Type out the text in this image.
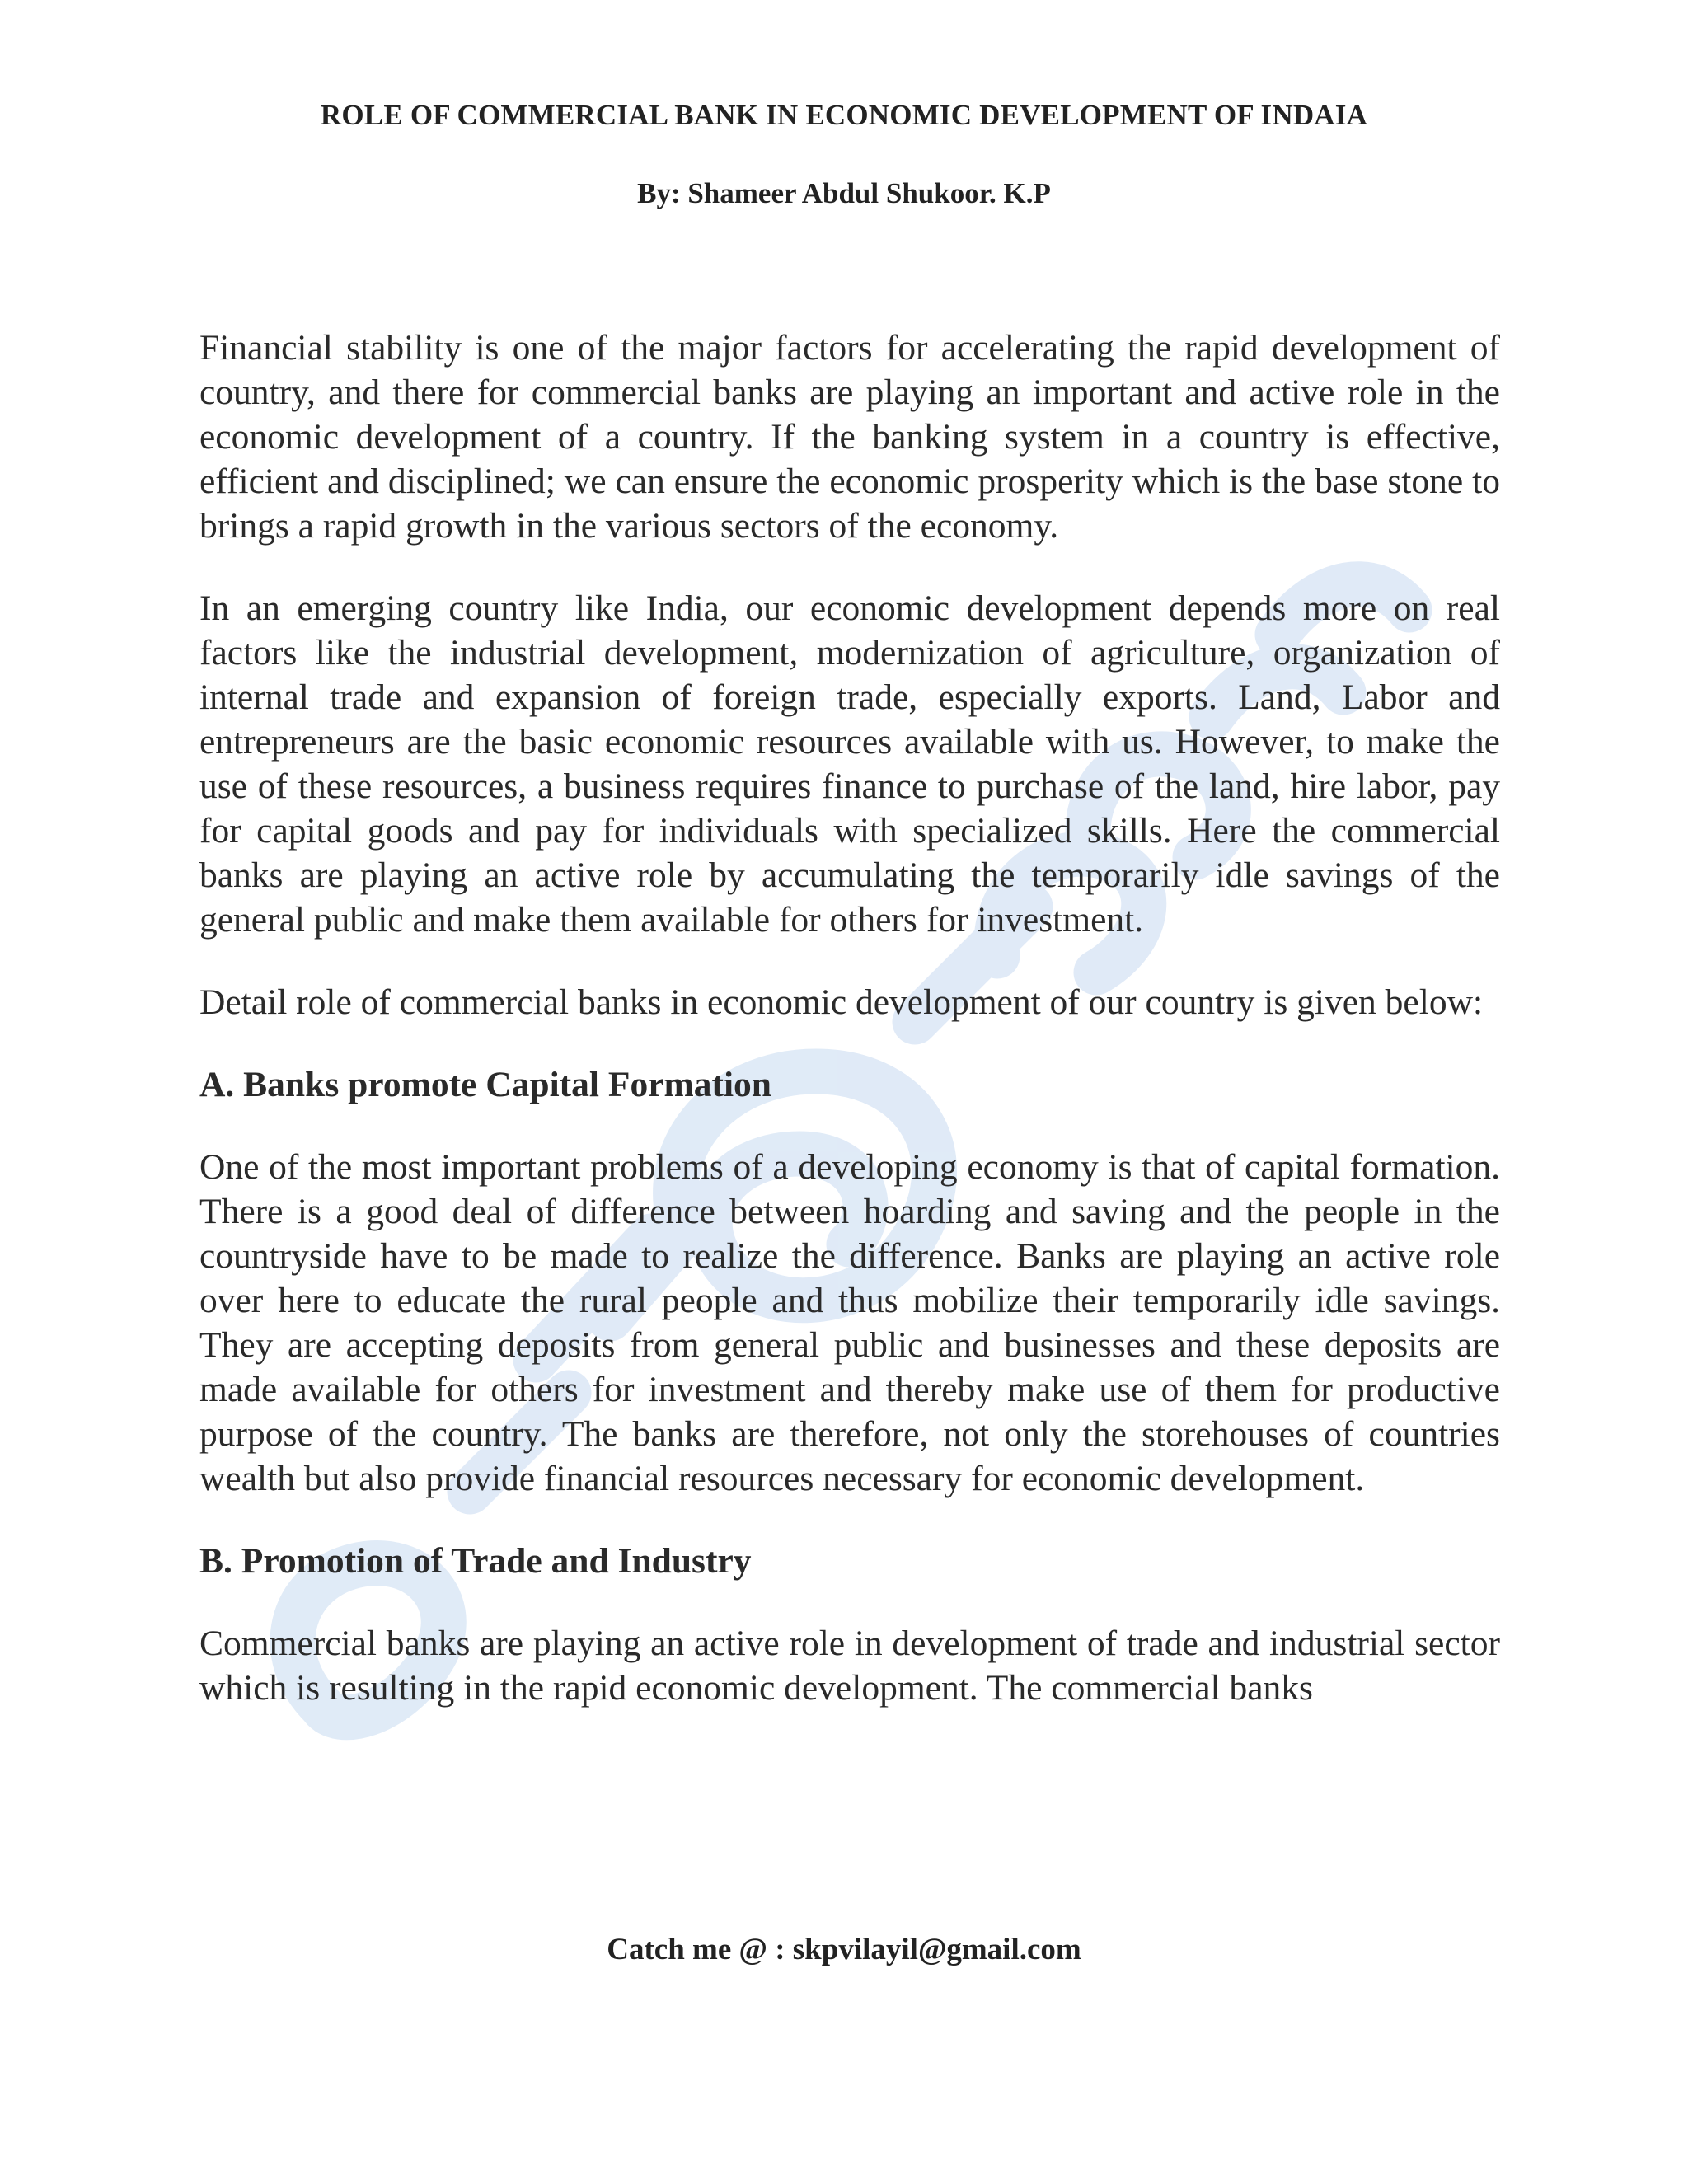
ROLE OF COMMERCIAL BANK IN ECONOMIC DEVELOPMENT OF INDAIA
By: Shameer Abdul Shukoor. K.P

Financial stability is one of the major factors for accelerating the rapid development of country, and there for commercial banks are playing an important and active role in the economic development of a country. If the banking system in a country is effective, efficient and disciplined; we can ensure the economic prosperity which is the base stone to brings a rapid growth in the various sectors of the economy.

In an emerging country like India, our economic development depends more on real factors like the industrial development, modernization of agriculture, organization of internal trade and expansion of foreign trade, especially exports. Land, Labor and entrepreneurs are the basic economic resources available with us. However, to make the use of these resources, a business requires finance to purchase of the land, hire labor, pay for capital goods and pay for individuals with specialized skills. Here the commercial banks are playing an active role by accumulating the temporarily idle savings of the general public and make them available for others for investment.

Detail role of commercial banks in economic development of our country is given below:

A. Banks promote Capital Formation

One of the most important problems of a developing economy is that of capital formation. There is a good deal of difference between hoarding and saving and the people in the countryside have to be made to realize the difference. Banks are playing an active role over here to educate the rural people and thus mobilize their temporarily idle savings. They are accepting deposits from general public and businesses and these deposits are made available for others for investment and thereby make use of them for productive purpose of the country. The banks are therefore, not only the storehouses of countries wealth but also provide financial resources necessary for economic development.

B. Promotion of Trade and Industry

Commercial banks are playing an active role in development of trade and industrial sector which is resulting in the rapid economic development. The commercial banks

Catch me @ : skpvilayil@gmail.com
